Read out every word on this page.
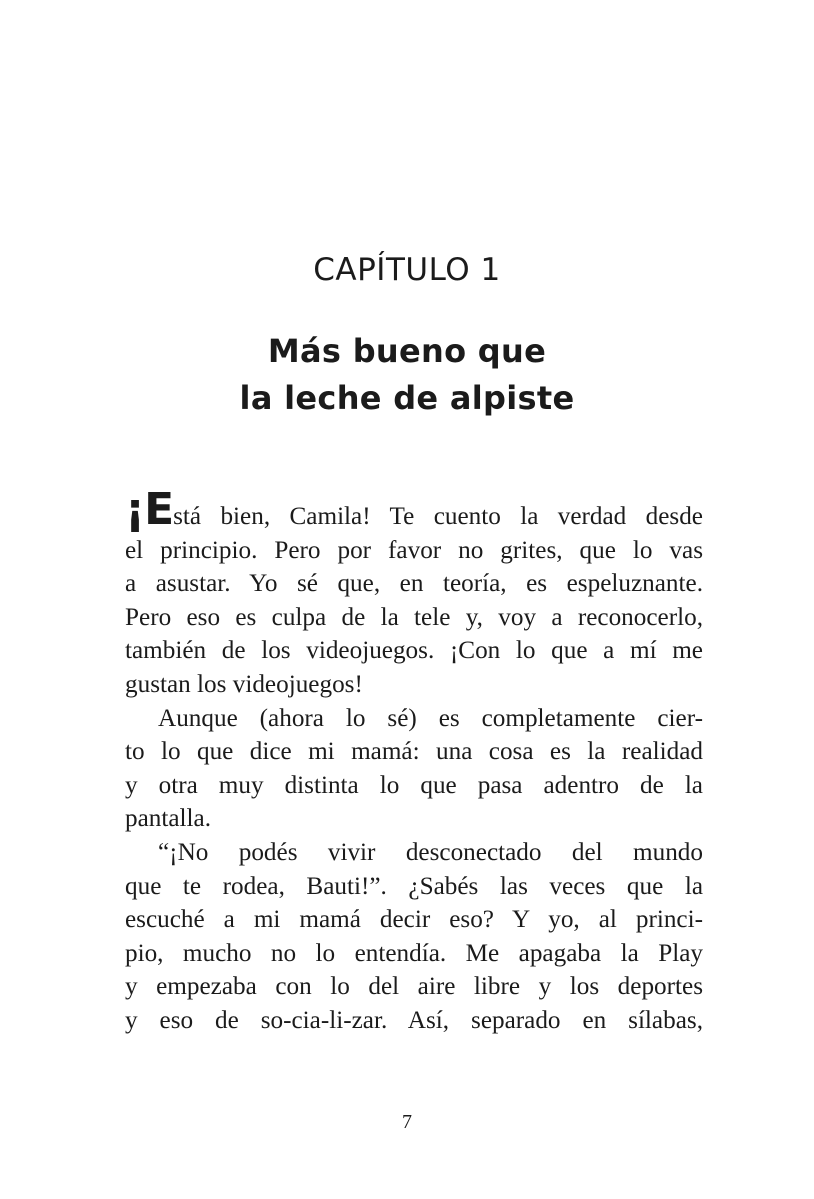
CAPÍTULO 1
Más bueno que
la leche de alpiste

¡Está bien, Camila! Te cuento la verdad desde
el principio. Pero por favor no grites, que lo vas
a asustar. Yo sé que, en teoría, es espeluznante.
Pero eso es culpa de la tele y, voy a reconocerlo,
también de los videojuegos. ¡Con lo que a mí me
gustan los videojuegos!

Aunque (ahora lo sé) es completamente cier-
to lo que dice mi mamá: una cosa es la realidad
y otra muy distinta lo que pasa adentro de la
pantalla.

“¡No podés vivir desconectado del mundo
que te rodea, Bauti!”. ¿Sabés las veces que la
escuché a mi mamá decir eso? Y yo, al princi-
pio, mucho no lo entendía. Me apagaba la Play
y empezaba con lo del aire libre y los deportes
y eso de so-cia-li-zar. Así, separado en sílabas,

7
